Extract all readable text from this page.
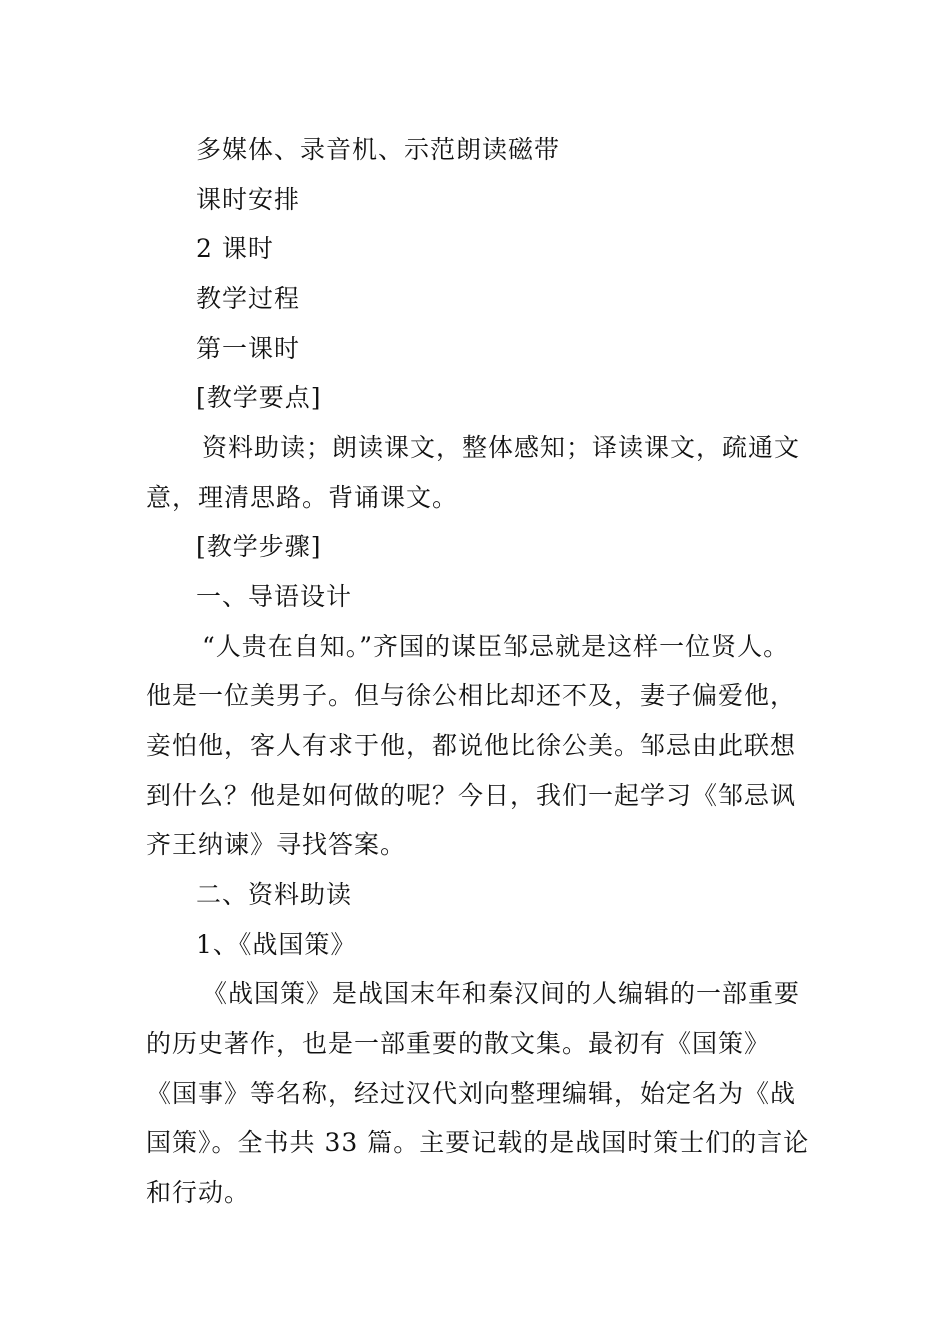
多媒体、录音机、示范朗读磁带
课时安排
2 课时
教学过程
第一课时
[教学要点]
资料助读；朗读课文，整体感知；译读课文，疏通文
意，理清思路。背诵课文。
[教学步骤]
一、导语设计
“人贵在自知。”齐国的谋臣邹忌就是这样一位贤人。
他是一位美男子。但与徐公相比却还不及，妻子偏爱他，
妾怕他，客人有求于他，都说他比徐公美。邹忌由此联想
到什么？他是如何做的呢？今日，我们一起学习《邹忌讽
齐王纳谏》寻找答案。
二、资料助读
1、《战国策》
《战国策》是战国末年和秦汉间的人编辑的一部重要
的历史著作，也是一部重要的散文集。最初有《国策》
《国事》等名称，经过汉代刘向整理编辑，始定名为《战
国策》。全书共 33 篇。主要记载的是战国时策士们的言论
和行动。
